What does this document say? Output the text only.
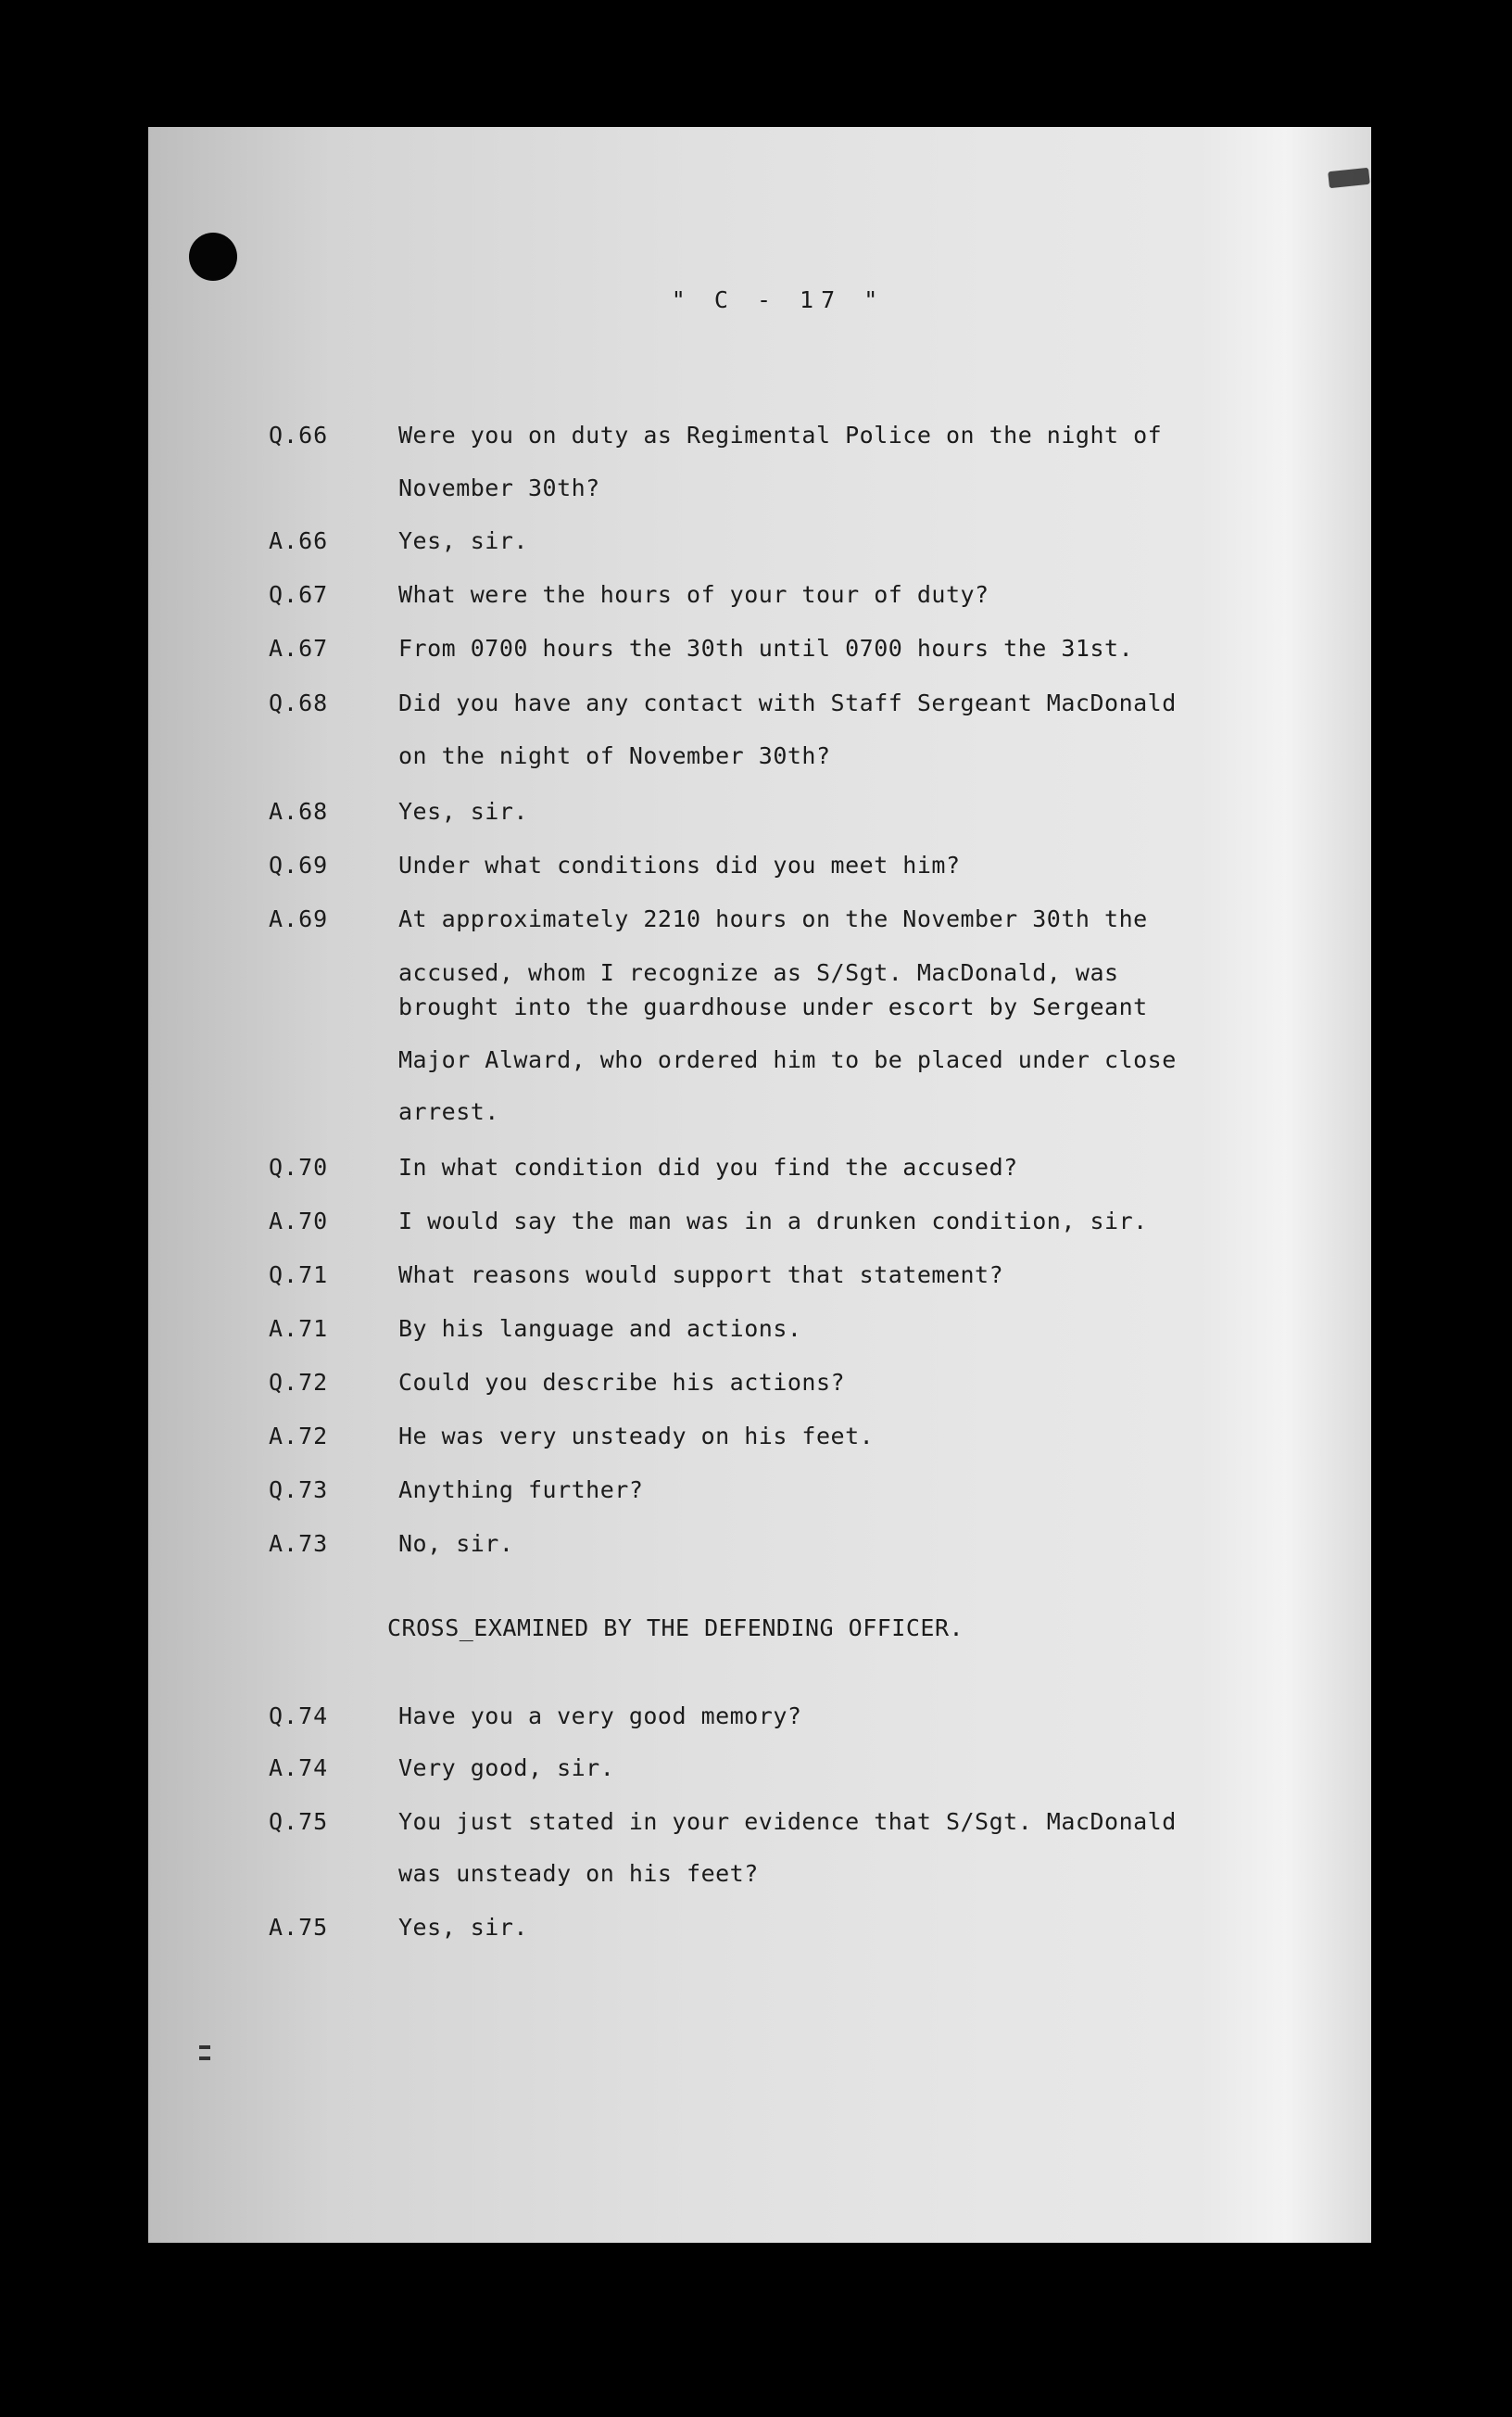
" C - 17 "
Q.66	Were you on duty as Regimental Police on the night of
November 30th?
A.66	Yes, sir.
Q.67	What were the hours of your tour of duty?
A.67	From 0700 hours the 30th until 0700 hours the 31st.
Q.68	Did you have any contact with Staff Sergeant MacDonald
on the night of November 30th?
A.68	Yes, sir.
Q.69	Under what conditions did you meet him?
A.69	At approximately 2210 hours on the November 30th the
accused, whom I recognize as S/Sgt. MacDonald, was
brought into the guardhouse under escort by Sergeant
Major Alward, who ordered him to be placed under close
arrest.
Q.70	In what condition did you find the accused?
A.70	I would say the man was in a drunken condition, sir.
Q.71	What reasons would support that statement?
A.71	By his language and actions.
Q.72	Could you describe his actions?
A.72	He was very unsteady on his feet.
Q.73	Anything further?
A.73	No, sir.
CROSS_EXAMINED BY THE DEFENDING OFFICER.
Q.74	Have you a very good memory?
A.74	Very good, sir.
Q.75	You just stated in your evidence that S/Sgt. MacDonald
was unsteady on his feet?
A.75	Yes, sir.
